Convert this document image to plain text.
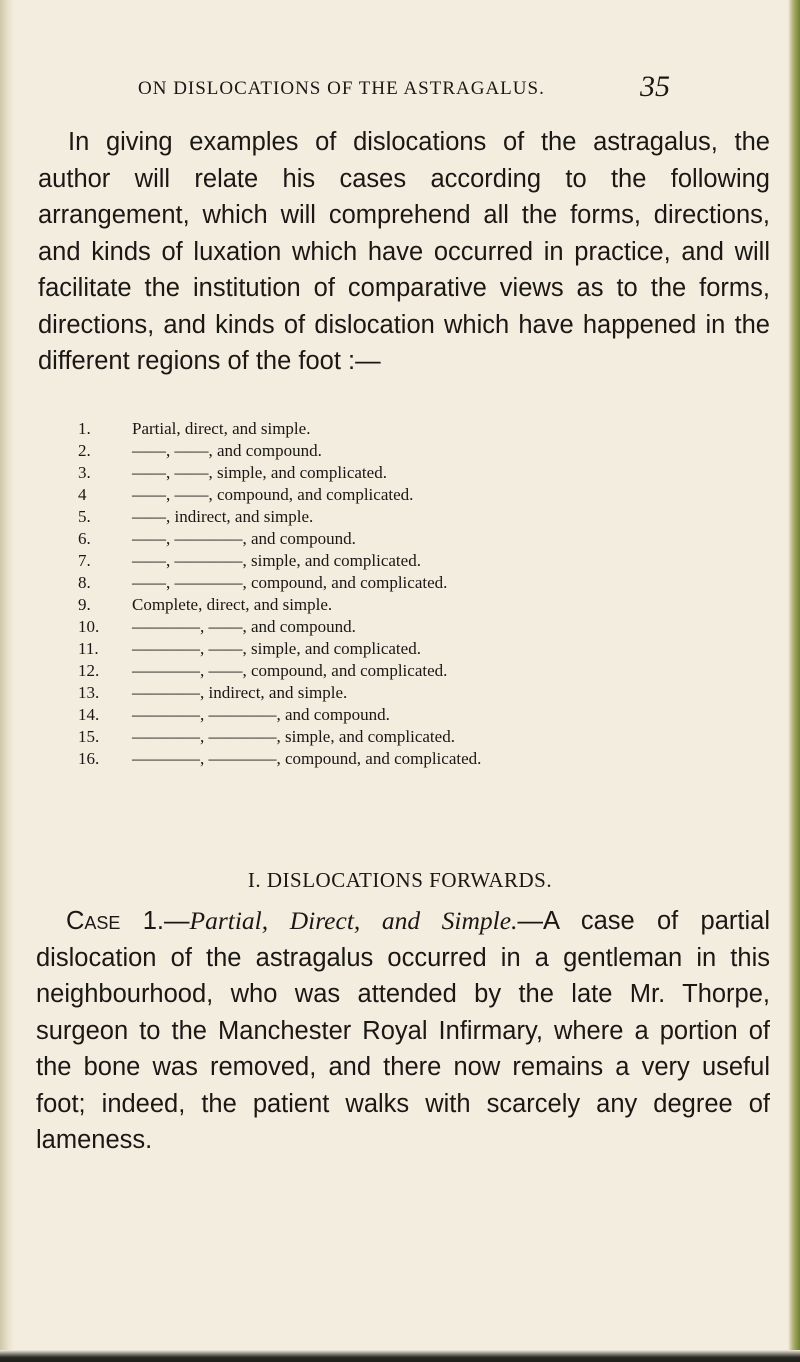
ON DISLOCATIONS OF THE ASTRAGALUS.	35

In giving examples of dislocations of the astragalus, the author will relate his cases according to the following arrangement, which will comprehend all the forms, directions, and kinds of luxation which have occurred in practice, and will facilitate the institution of comparative views as to the forms, directions, and kinds of dislocation which have happened in the different regions of the foot :—

1. Partial, direct, and simple.
2. ——, ——, and compound.
3. ——, ——, simple, and complicated.
4	——, ——, compound, and complicated.
5. ——, indirect, and simple.
6. ——, ————, and compound.
7. ——, ————, simple, and complicated.
8. ——, ————, compound, and complicated.
9. Complete, direct, and simple.
10. ————, ——, and compound.
11. ————, ——, simple, and complicated.
12. ————, ——, compound, and complicated.
13. ————, indirect, and simple.
14. ————, ————, and compound.
15. ————, ————, simple, and complicated.
16. ————, ————, compound, and complicated.
I. DISLOCATIONS FORWARDS.

Case 1.—Partial, Direct, and Simple.—A case of partial dislocation of the astragalus occurred in a gentleman in this neighbourhood, who was attended by the late Mr. Thorpe, surgeon to the Manchester Royal Infirmary, where a portion of the bone was removed, and there now remains a very useful foot; indeed, the patient walks with scarcely any degree of lameness.
